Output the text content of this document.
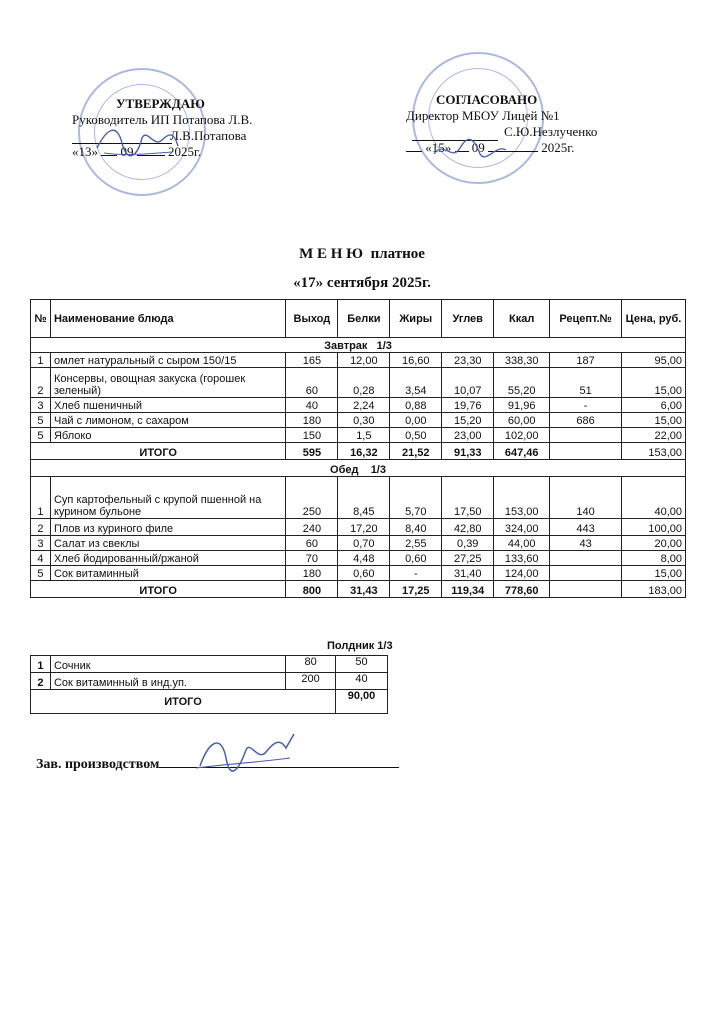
УТВЕРЖДАЮ
Руководитель ИП Потапова Л.В.
Л.В.Потапова
«13» 09	2025г.
СОГЛАСОВАНО
Директор МБОУ Лицей №1
С.Ю.Незлученко
«15» 09	2025г.
М Е Н Ю  платное
«17» сентября 2025г.
№	Наименование блюда	Выход	Белки	Жиры	Углев	Ккал	Рецепт.№	Цена, руб.
Завтрак   1/3								
1	омлет натуральный с сыром 150/15	165	12,00	16,60	23,30	338,30	187	95,00
2	Консервы, овощная закуска (горошек зеленый)	60	0,28	3,54	10,07	55,20	51	15,00
3	Хлеб пшеничный	40	2,24	0,88	19,76	91,96	-	6,00
5	Чай с лимоном, с сахаром	180	0,30	0,00	15,20	60,00	686	15,00
5	Яблоко	150	1,5	0,50	23,00	102,00		22,00
ИТОГО		595	16,32	21,52	91,33	647,46		153,00
Обед    1/3								
1	Суп картофельный с крупой пшенной на курином бульоне	250	8,45	5,70	17,50	153,00	140	40,00
2	Плов из куриного филе	240	17,20	8,40	42,80	324,00	443	100,00
3	Салат из свеклы	60	0,70	2,55	0,39	44,00	43	20,00
4	Хлеб йодированный/ржаной	70	4,48	0,60	27,25	133,60		8,00
5	Сок витаминный	180	0,60	-	31,40	124,00		15,00
ИТОГО		800	31,43	17,25	119,34	778,60		183,00
Полдник 1/3
1	Сочник	80	50
2	Сок витаминный в инд.уп.	200	40
ИТОГО			90,00
Зав. производством
